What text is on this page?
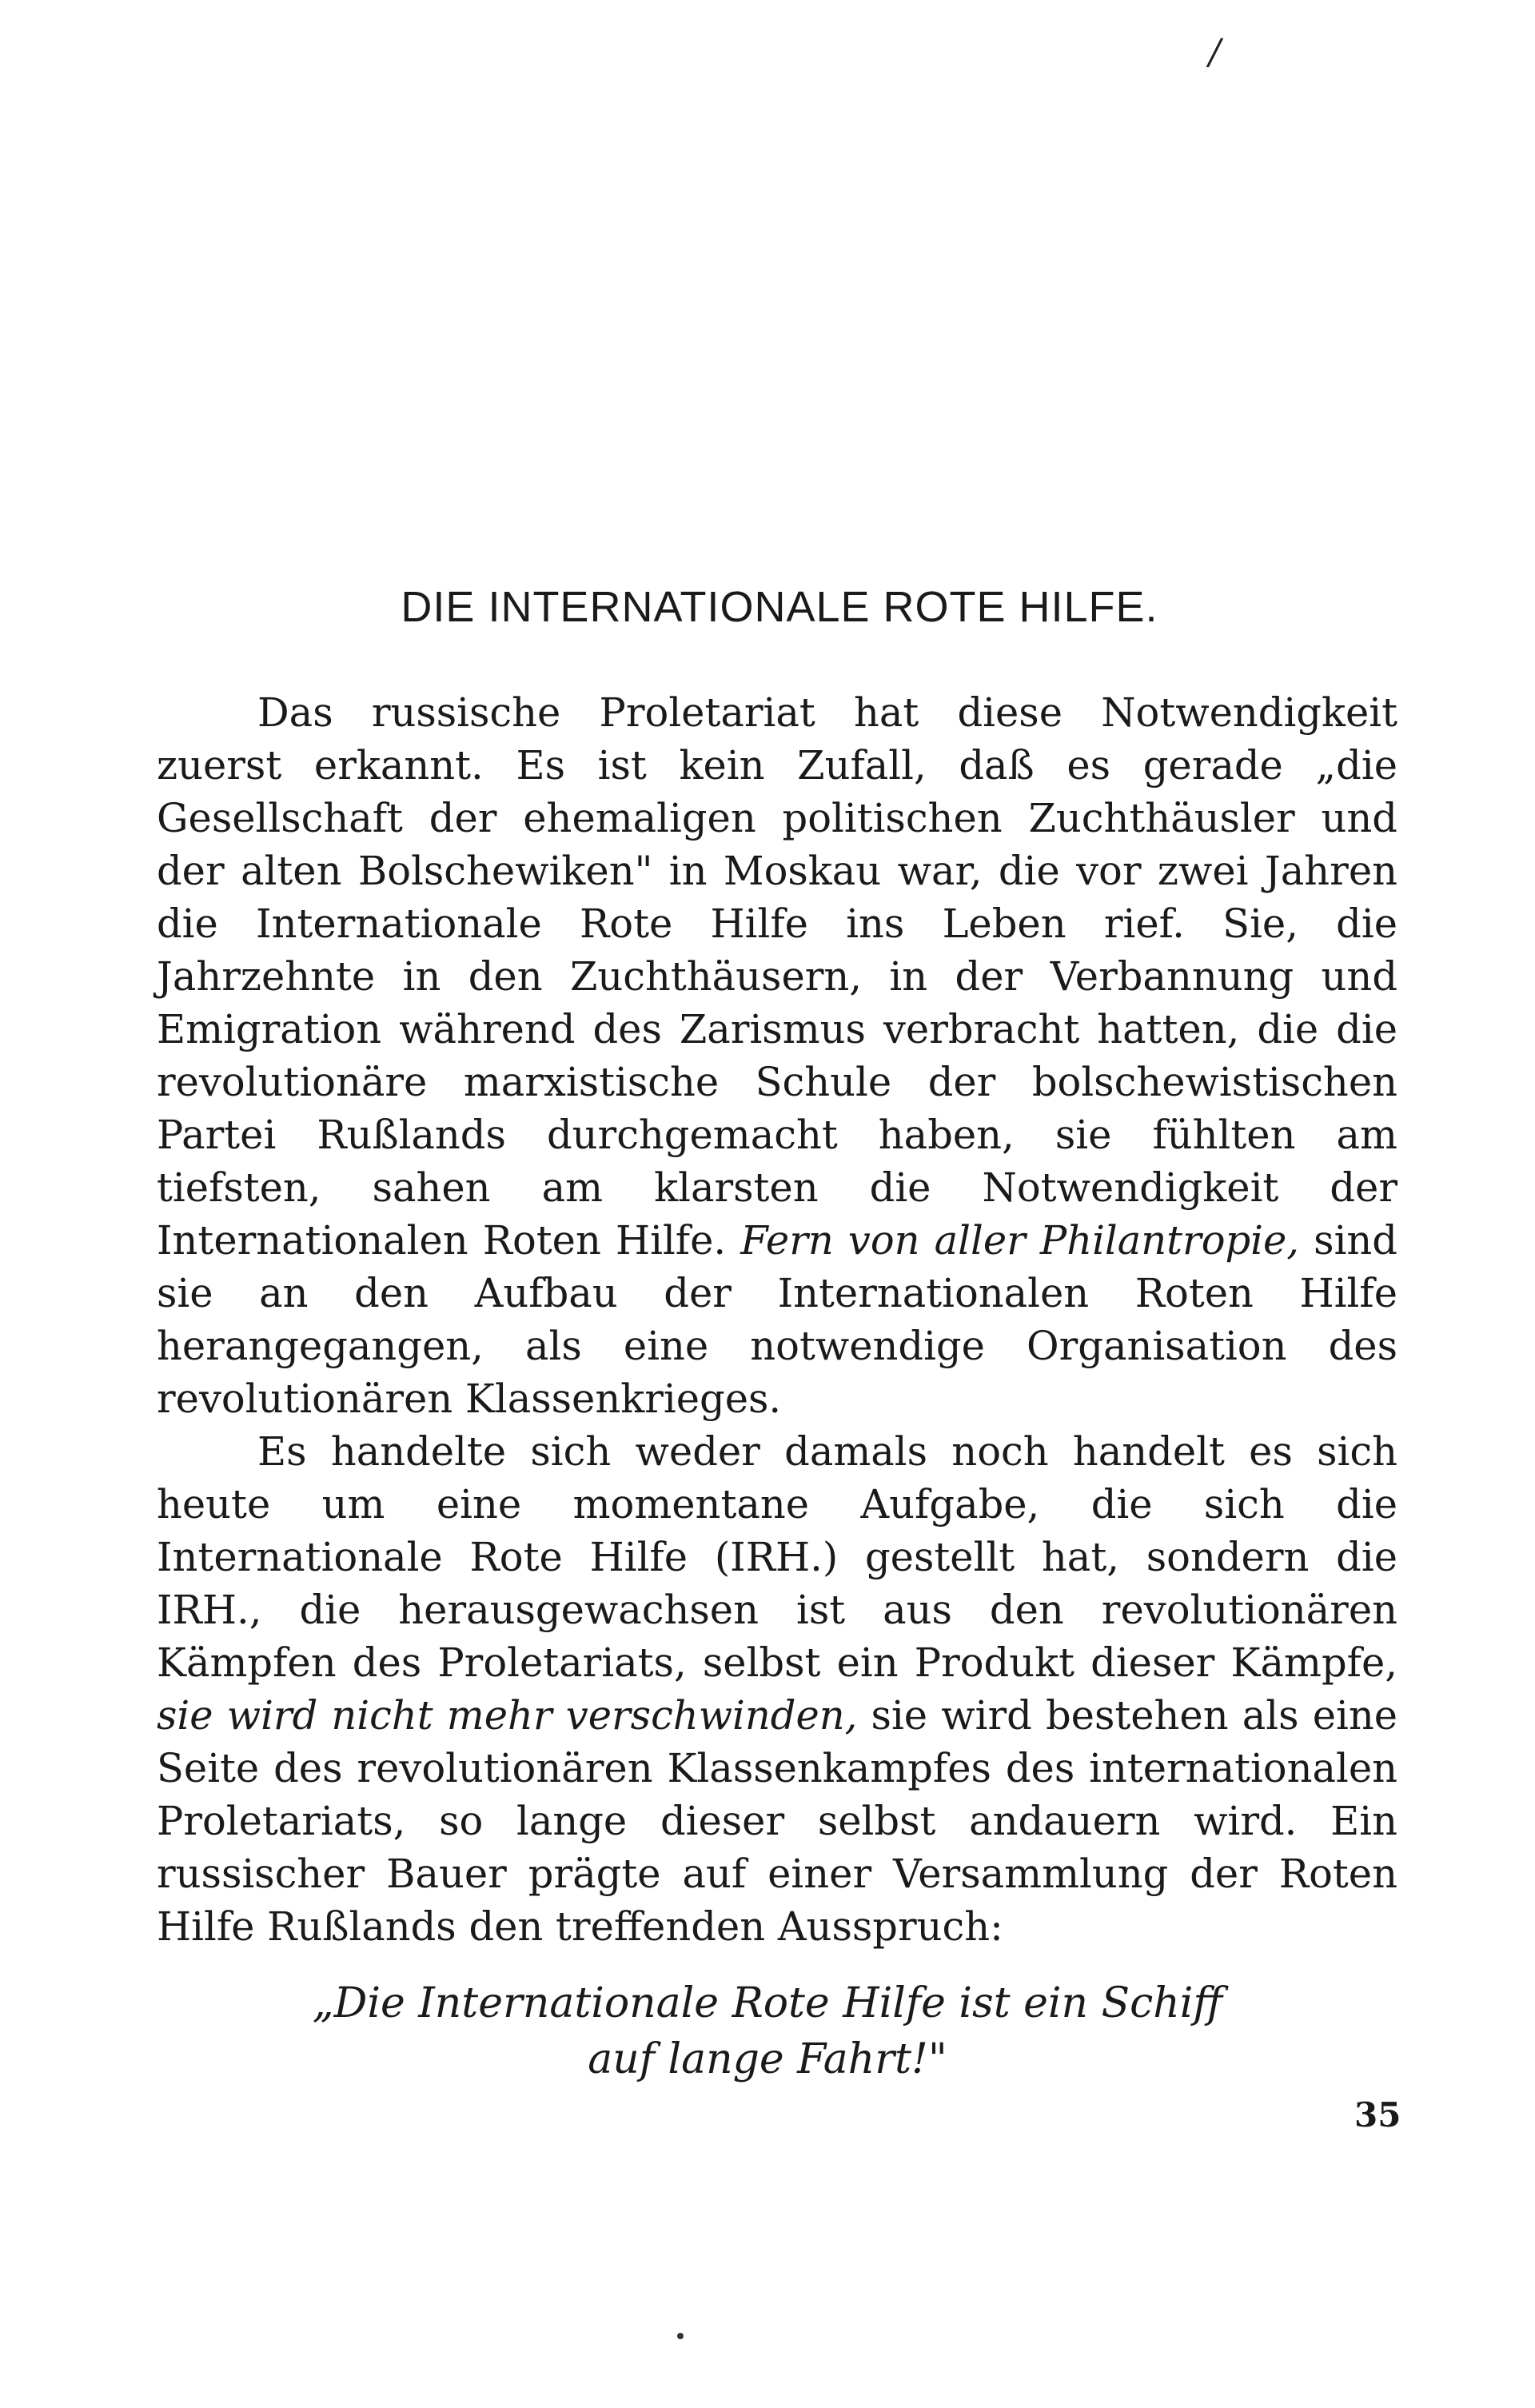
/
DIE INTERNATIONALE ROTE HILFE.

Das russische Proletariat hat diese Notwendigkeit zuerst erkannt. Es ist kein Zufall, daß es gerade „die Gesellschaft der ehemaligen politischen Zuchthäusler und der alten Bolschewiken" in Moskau war, die vor zwei Jahren die Internationale Rote Hilfe ins Leben rief. Sie, die Jahrzehnte in den Zuchthäusern, in der Verbannung und Emigration während des Zarismus verbracht hatten, die die revolutionäre marxistische Schule der bolschewistischen Partei Rußlands durchgemacht haben, sie fühlten am tiefsten, sahen am klarsten die Notwendigkeit der Internationalen Roten Hilfe. Fern von aller Philantropie, sind sie an den Aufbau der Internationalen Roten Hilfe herangegangen, als eine notwendige Organisation des revolutionären Klassenkrieges.

Es handelte sich weder damals noch handelt es sich heute um eine momentane Aufgabe, die sich die Internationale Rote Hilfe (IRH.) gestellt hat, sondern die IRH., die herausgewachsen ist aus den revolutionären Kämpfen des Proletariats, selbst ein Produkt dieser Kämpfe, sie wird nicht mehr verschwinden, sie wird bestehen als eine Seite des revolutionären Klassenkampfes des internationalen Proletariats, so lange dieser selbst andauern wird. Ein russischer Bauer prägte auf einer Versammlung der Roten Hilfe Rußlands den treffenden Ausspruch:

„Die Internationale Rote Hilfe ist ein Schiff
auf lange Fahrt!"
35
